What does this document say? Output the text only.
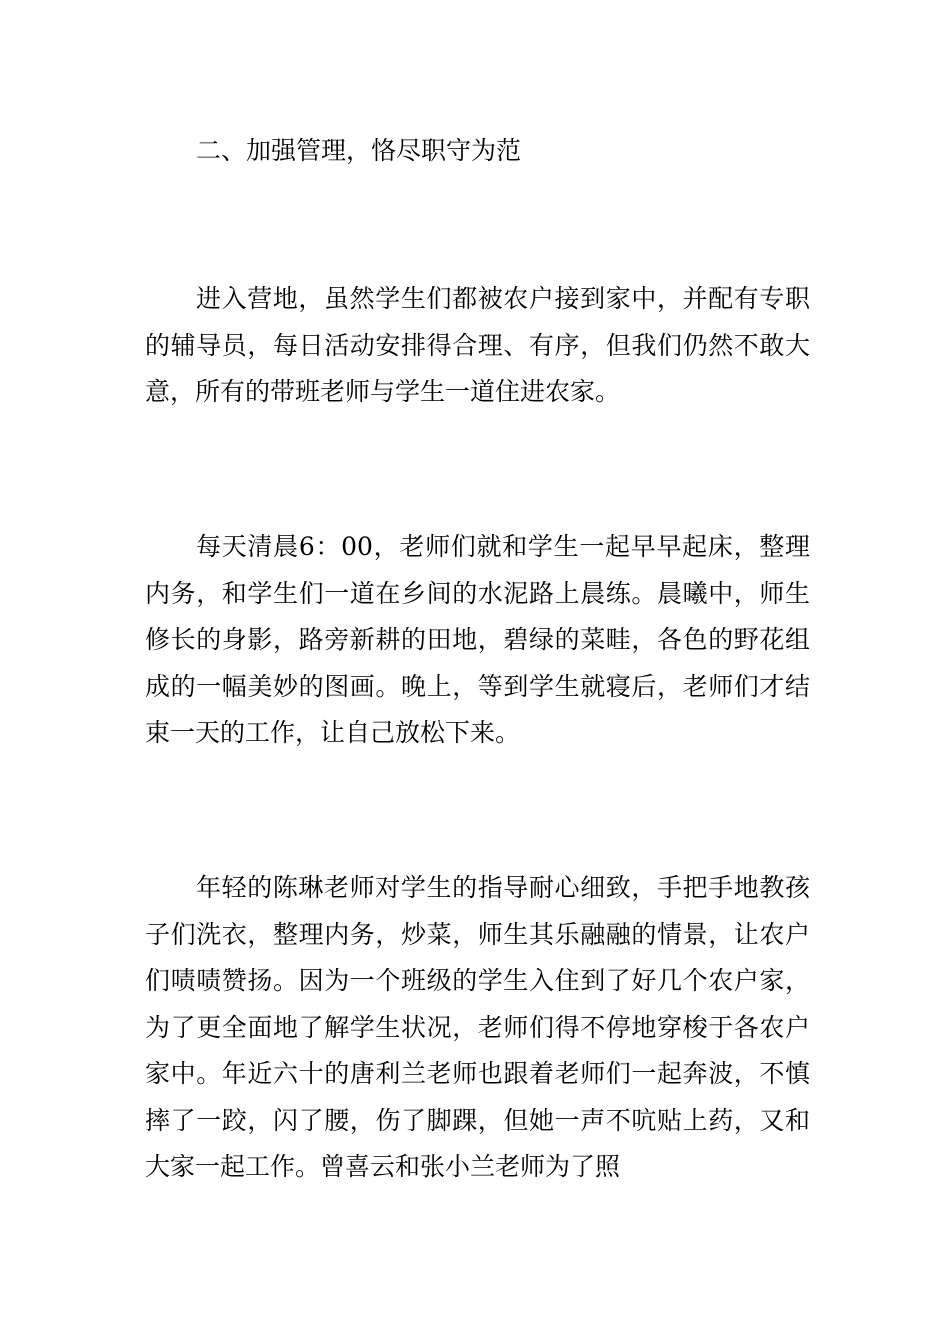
二、加强管理，恪尽职守为范

进入营地，虽然学生们都被农户接到家中，并配有专职的辅导员，每日活动安排得合理、有序，但我们仍然不敢大意，所有的带班老师与学生一道住进农家。

每天清晨6：00，老师们就和学生一起早早起床，整理内务，和学生们一道在乡间的水泥路上晨练。晨曦中，师生修长的身影，路旁新耕的田地，碧绿的菜畦，各色的野花组成的一幅美妙的图画。晚上，等到学生就寝后，老师们才结束一天的工作，让自己放松下来。

年轻的陈琳老师对学生的指导耐心细致，手把手地教孩子们洗衣，整理内务，炒菜，师生其乐融融的情景，让农户们啧啧赞扬。因为一个班级的学生入住到了好几个农户家，为了更全面地了解学生状况，老师们得不停地穿梭于各农户家中。年近六十的唐利兰老师也跟着老师们一起奔波，不慎摔了一跤，闪了腰，伤了脚踝，但她一声不吭贴上药，又和大家一起工作。曾喜云和张小兰老师为了照
